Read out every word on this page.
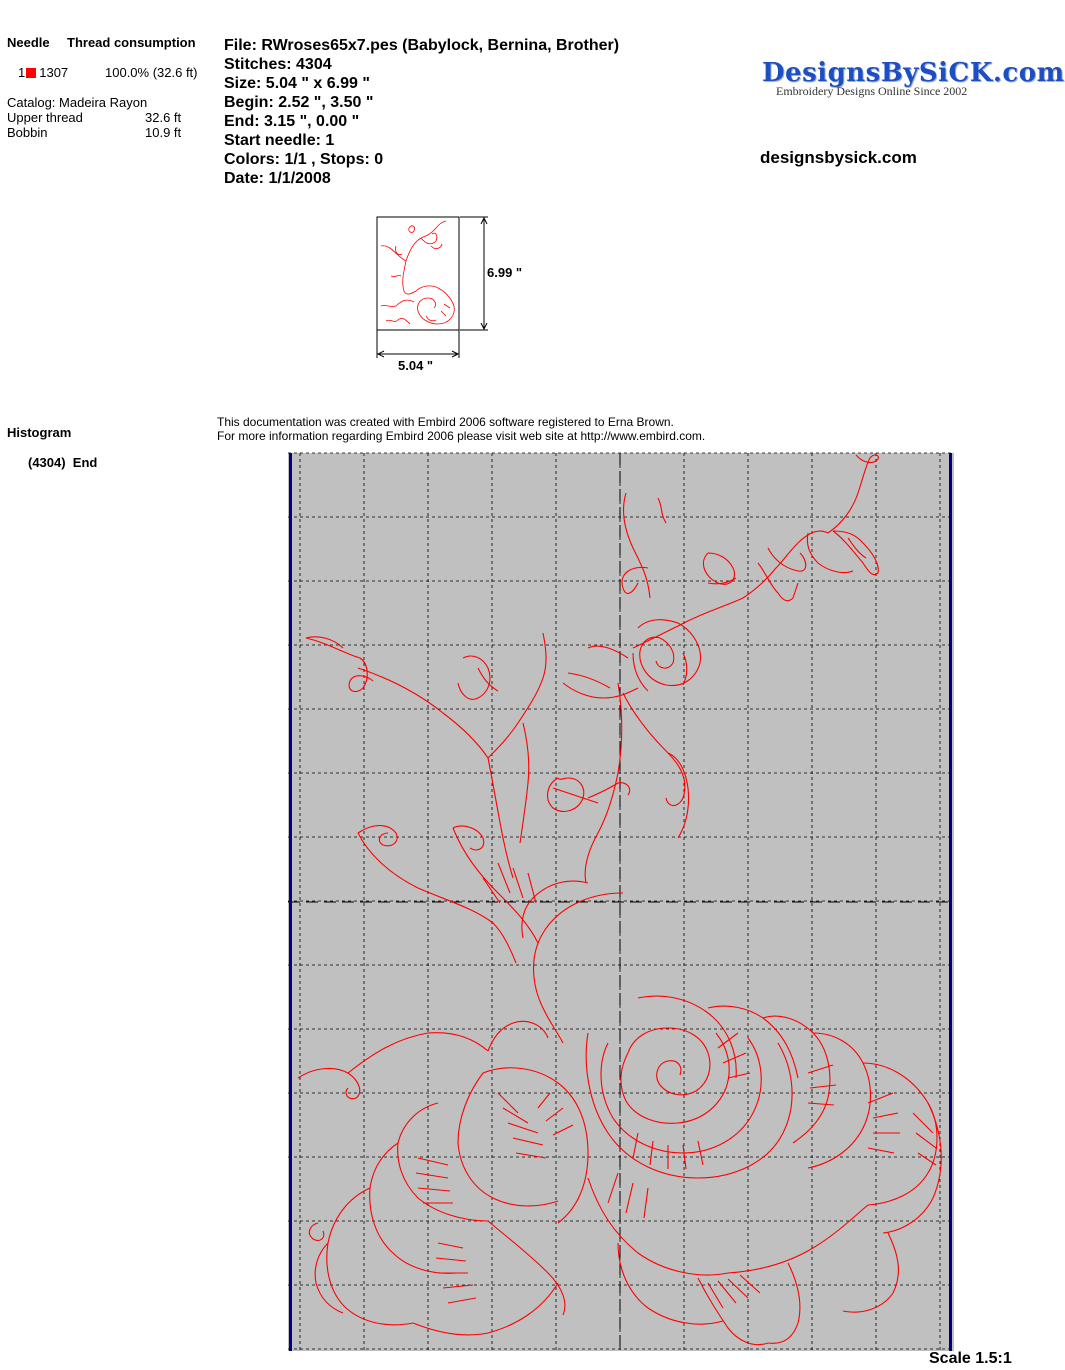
Needle Thread consumption
1 1307	100.0% (32.6 ft)
Catalog: Madeira Rayon
Upper thread	32.6 ft
Bobbin	10.9 ft
Histogram
(4304)  End
File: RWroses65x7.pes (Babylock, Bernina, Brother)
Stitches: 4304
Size: 5.04 " x 6.99 "
Begin: 2.52 ", 3.50 "
End: 3.15 ", 0.00 "
Start needle: 1
Colors: 1/1 , Stops: 0
Date: 1/1/2008
DesignsBySiCK.com
Embroidery Designs Online Since 2002
designsbysick.com
6.99 "
5.04 "
This documentation was created with Embird 2006 software registered to Erna Brown.
For more information regarding Embird 2006 please visit web site at http://www.embird.com.
Scale 1.5:1
